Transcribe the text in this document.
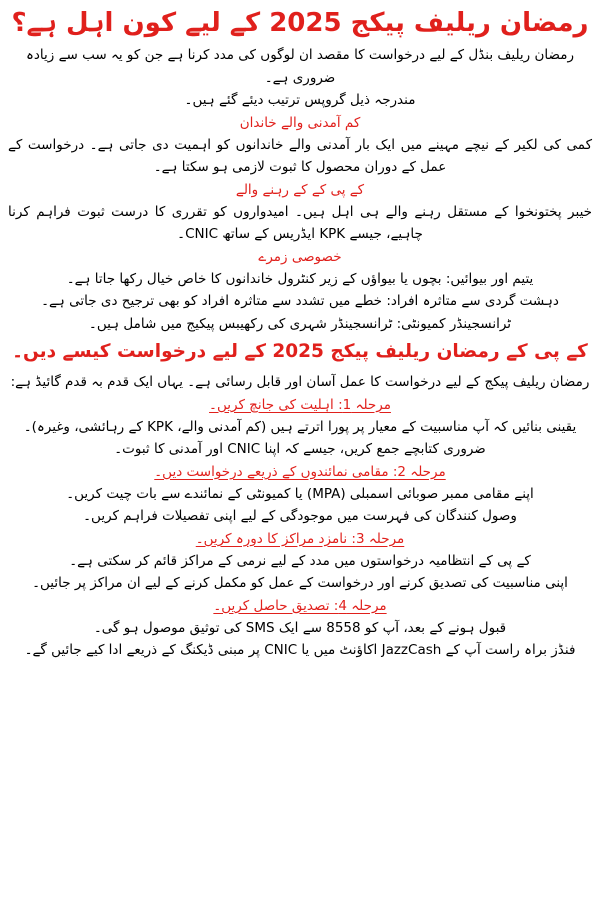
رمضان ریلیف پیکج 2025 کے لیے کون اہل ہے؟

رمضان ریلیف بنڈل کے لیے درخواست کا مقصد ان لوگوں کی مدد کرنا ہے جن کو یہ سب سے زیادہ ضروری ہے۔

مندرجہ ذیل گروپس ترتیب دیئے گئے ہیں۔

کم آمدنی والے خاندان

کمی کی لکیر کے نیچے مہینے میں ایک بار آمدنی والے خاندانوں کو اہمیت دی جاتی ہے۔ درخواست کے عمل کے دوران محصول کا ثبوت لازمی ہو سکتا ہے۔

کے پی کے کے رہنے والے

خیبر پختونخوا کے مستقل رہنے والے ہی اہل ہیں۔ امیدواروں کو تقرری کا درست ثبوت فراہم کرنا چاہیے، جیسے KPK ایڈریس کے ساتھ CNIC۔

خصوصی زمرے

یتیم اور بیوائیں: بچوں یا بیواؤں کے زیر کنٹرول خاندانوں کا خاص خیال رکھا جاتا ہے۔

دہشت گردی سے متاثرہ افراد: خطے میں تشدد سے متاثرہ افراد کو بھی ترجیح دی جاتی ہے۔

ٹرانسجینڈر کمیونٹی: ٹرانسجینڈر شہری کی رکھیبس پیکیج میں شامل ہیں۔

کے پی کے رمضان ریلیف پیکج 2025 کے لیے درخواست کیسے دیں۔

رمضان ریلیف پیکج کے لیے درخواست کا عمل آسان اور قابل رسائی ہے۔ یہاں ایک قدم بہ قدم گائیڈ ہے:

مرحلہ 1: اہلیت کی جانچ کریں۔

یقینی بنائیں کہ آپ مناسبیت کے معیار پر پورا اترتے ہیں (کم آمدنی والے، KPK کے رہائشی، وغیرہ)۔

ضروری کتابچے جمع کریں، جیسے کہ اپنا CNIC اور آمدنی کا ثبوت۔

مرحلہ 2: مقامی نمائندوں کے ذریعے درخواست دیں۔

اپنے مقامی ممبر صوبائی اسمبلی (MPA) یا کمیونٹی کے نمائندے سے بات چیت کریں۔

وصول کنندگان کی فہرست میں موجودگی کے لیے اپنی تفصیلات فراہم کریں۔

مرحلہ 3: نامزد مراکز کا دورہ کریں۔

کے پی کے انتظامیہ درخواستوں میں مدد کے لیے نرمی کے مراکز قائم کر سکتی ہے۔

اپنی مناسبیت کی تصدیق کرنے اور درخواست کے عمل کو مکمل کرنے کے لیے ان مراکز پر جائیں۔

مرحلہ 4: تصدیق حاصل کریں۔

قبول ہونے کے بعد، آپ کو 8558 سے ایک SMS کی توثیق موصول ہو گی۔

فنڈز براہ راست آپ کے JazzCash اکاؤنٹ میں یا CNIC پر مبنی ڈیکنگ کے ذریعے ادا کیے جائیں گے۔
